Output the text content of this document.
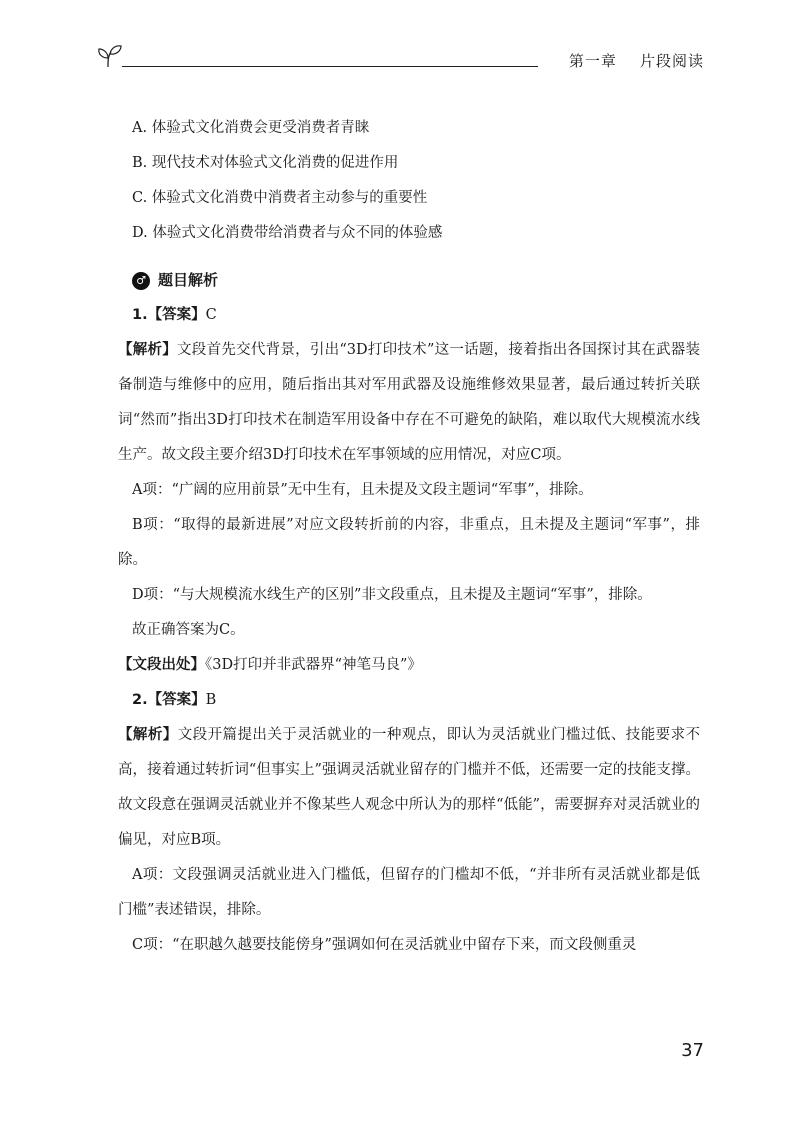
第一章    片段阅读

A. 体验式文化消费会更受消费者青睐

B. 现代技术对体验式文化消费的促进作用

C. 体验式文化消费中消费者主动参与的重要性

D. 体验式文化消费带给消费者与众不同的体验感

♂ 题目解析

1.【答案】C

【解析】文段首先交代背景，引出“3D打印技术”这一话题，接着指出各国探讨其在武器装备制造与维修中的应用，随后指出其对军用武器及设施维修效果显著，最后通过转折关联词“然而”指出3D打印技术在制造军用设备中存在不可避免的缺陷，难以取代大规模流水线生产。故文段主要介绍3D打印技术在军事领域的应用情况，对应C项。

A项：“广阔的应用前景”无中生有，且未提及文段主题词“军事”，排除。

B项：“取得的最新进展”对应文段转折前的内容，非重点，且未提及主题词“军事”，排除。

D项：“与大规模流水线生产的区别”非文段重点，且未提及主题词“军事”，排除。

故正确答案为C。

【文段出处】《3D打印并非武器界“神笔马良”》

2.【答案】B

【解析】文段开篇提出关于灵活就业的一种观点，即认为灵活就业门槛过低、技能要求不高，接着通过转折词“但事实上”强调灵活就业留存的门槛并不低，还需要一定的技能支撑。故文段意在强调灵活就业并不像某些人观念中所认为的那样“低能”，需要摒弃对灵活就业的偏见，对应B项。

A项：文段强调灵活就业进入门槛低，但留存的门槛却不低，“并非所有灵活就业都是低门槛”表述错误，排除。

C项：“在职越久越要技能傍身”强调如何在灵活就业中留存下来，而文段侧重灵

37
